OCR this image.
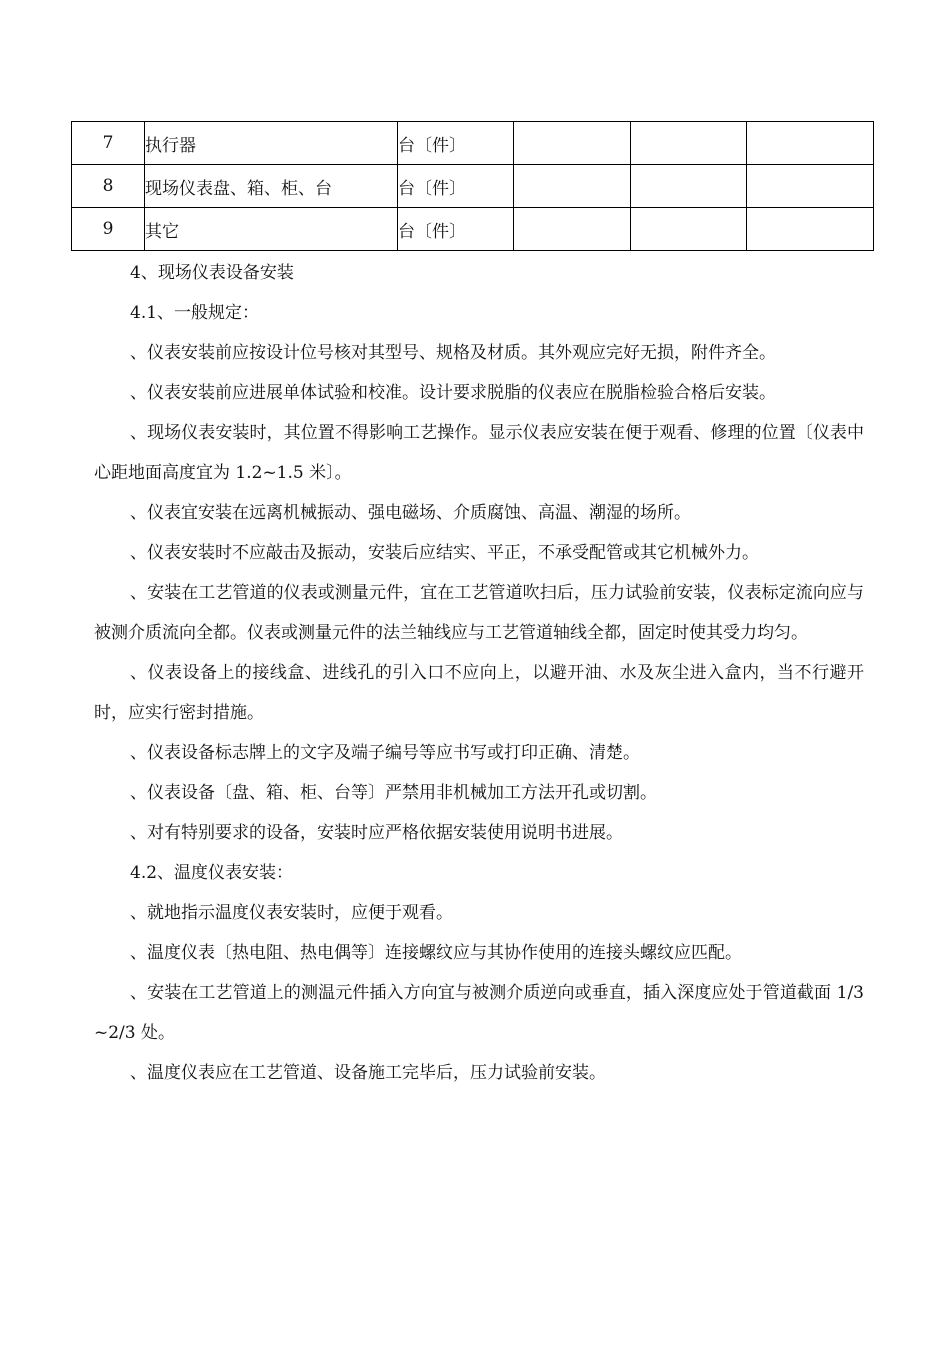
7	执行器	台〔件〕			
8	现场仪表盘、箱、柜、台	台〔件〕			
9	其它	台〔件〕			

4、现场仪表设备安装

4.1、一般规定：

、仪表安装前应按设计位号核对其型号、规格及材质。其外观应完好无损，附件齐全。

、仪表安装前应进展单体试验和校准。设计要求脱脂的仪表应在脱脂检验合格后安装。

、现场仪表安装时，其位置不得影响工艺操作。显示仪表应安装在便于观看、修理的位置〔仪表中心距地面高度宜为 1.2~1.5 米〕。

、仪表宜安装在远离机械振动、强电磁场、介质腐蚀、高温、潮湿的场所。

、仪表安装时不应敲击及振动，安装后应结实、平正，不承受配管或其它机械外力。

、安装在工艺管道的仪表或测量元件，宜在工艺管道吹扫后，压力试验前安装，仪表标定流向应与被测介质流向全都。仪表或测量元件的法兰轴线应与工艺管道轴线全都，固定时使其受力均匀。

、仪表设备上的接线盒、进线孔的引入口不应向上，以避开油、水及灰尘进入盒内，当不行避开时，应实行密封措施。

、仪表设备标志牌上的文字及端子编号等应书写或打印正确、清楚。

、仪表设备〔盘、箱、柜、台等〕严禁用非机械加工方法开孔或切割。

、对有特别要求的设备，安装时应严格依据安装使用说明书进展。

4.2、温度仪表安装：

、就地指示温度仪表安装时，应便于观看。

、温度仪表〔热电阻、热电偶等〕连接螺纹应与其协作使用的连接头螺纹应匹配。

、安装在工艺管道上的测温元件插入方向宜与被测介质逆向或垂直，插入深度应处于管道截面 1/3~2/3 处。

、温度仪表应在工艺管道、设备施工完毕后，压力试验前安装。
